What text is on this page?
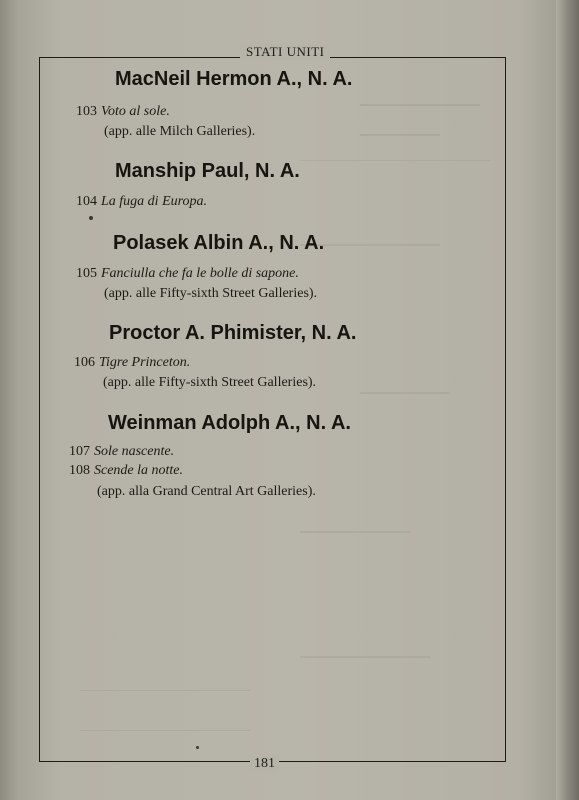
STATI UNITI
MacNeil Hermon A., N. A.
103 Voto al sole.
(app. alle Milch Galleries).
Manship Paul, N. A.
104 La fuga di Europa.
Polasek Albin A., N. A.
105 Fanciulla che fa le bolle di sapone.
(app. alle Fifty-sixth Street Galleries).
Proctor A. Phimister, N. A.
106 Tigre Princeton.
(app. alle Fifty-sixth Street Galleries).
Weinman Adolph A., N. A.
107 Sole nascente.
108 Scende la notte.
(app. alla Grand Central Art Galleries).
181
